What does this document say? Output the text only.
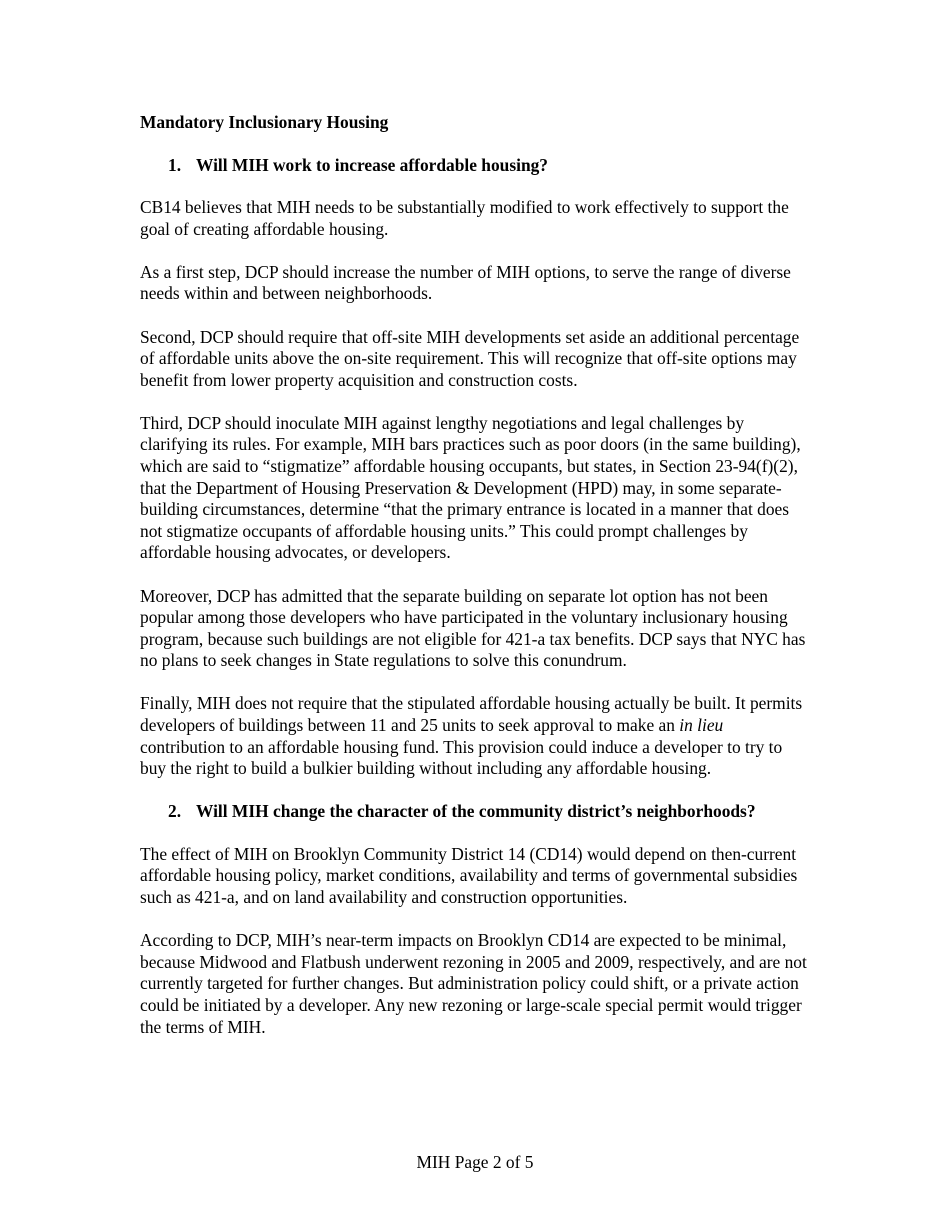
Mandatory Inclusionary Housing
1. Will MIH work to increase affordable housing?

CB14 believes that MIH needs to be substantially modified to work effectively to support the goal of creating affordable housing.

As a first step, DCP should increase the number of MIH options, to serve the range of diverse needs within and between neighborhoods.

Second, DCP should require that off-site MIH developments set aside an additional percentage of affordable units above the on-site requirement. This will recognize that off-site options may benefit from lower property acquisition and construction costs.

Third, DCP should inoculate MIH against lengthy negotiations and legal challenges by clarifying its rules. For example, MIH bars practices such as poor doors (in the same building), which are said to “stigmatize” affordable housing occupants, but states, in Section 23-94(f)(2), that the Department of Housing Preservation & Development (HPD) may, in some separate-building circumstances, determine “that the primary entrance is located in a manner that does not stigmatize occupants of affordable housing units.” This could prompt challenges by affordable housing advocates, or developers.

Moreover, DCP has admitted that the separate building on separate lot option has not been popular among those developers who have participated in the voluntary inclusionary housing program, because such buildings are not eligible for 421-a tax benefits. DCP says that NYC has no plans to seek changes in State regulations to solve this conundrum.

Finally, MIH does not require that the stipulated affordable housing actually be built. It permits developers of buildings between 11 and 25 units to seek approval to make an in lieu contribution to an affordable housing fund. This provision could induce a developer to try to buy the right to build a bulkier building without including any affordable housing.

2. Will MIH change the character of the community district’s neighborhoods?

The effect of MIH on Brooklyn Community District 14 (CD14) would depend on then-current affordable housing policy, market conditions, availability and terms of governmental subsidies such as 421-a, and on land availability and construction opportunities.

According to DCP, MIH’s near-term impacts on Brooklyn CD14 are expected to be minimal, because Midwood and Flatbush underwent rezoning in 2005 and 2009, respectively, and are not currently targeted for further changes. But administration policy could shift, or a private action could be initiated by a developer. Any new rezoning or large-scale special permit would trigger the terms of MIH.

MIH Page 2 of 5
